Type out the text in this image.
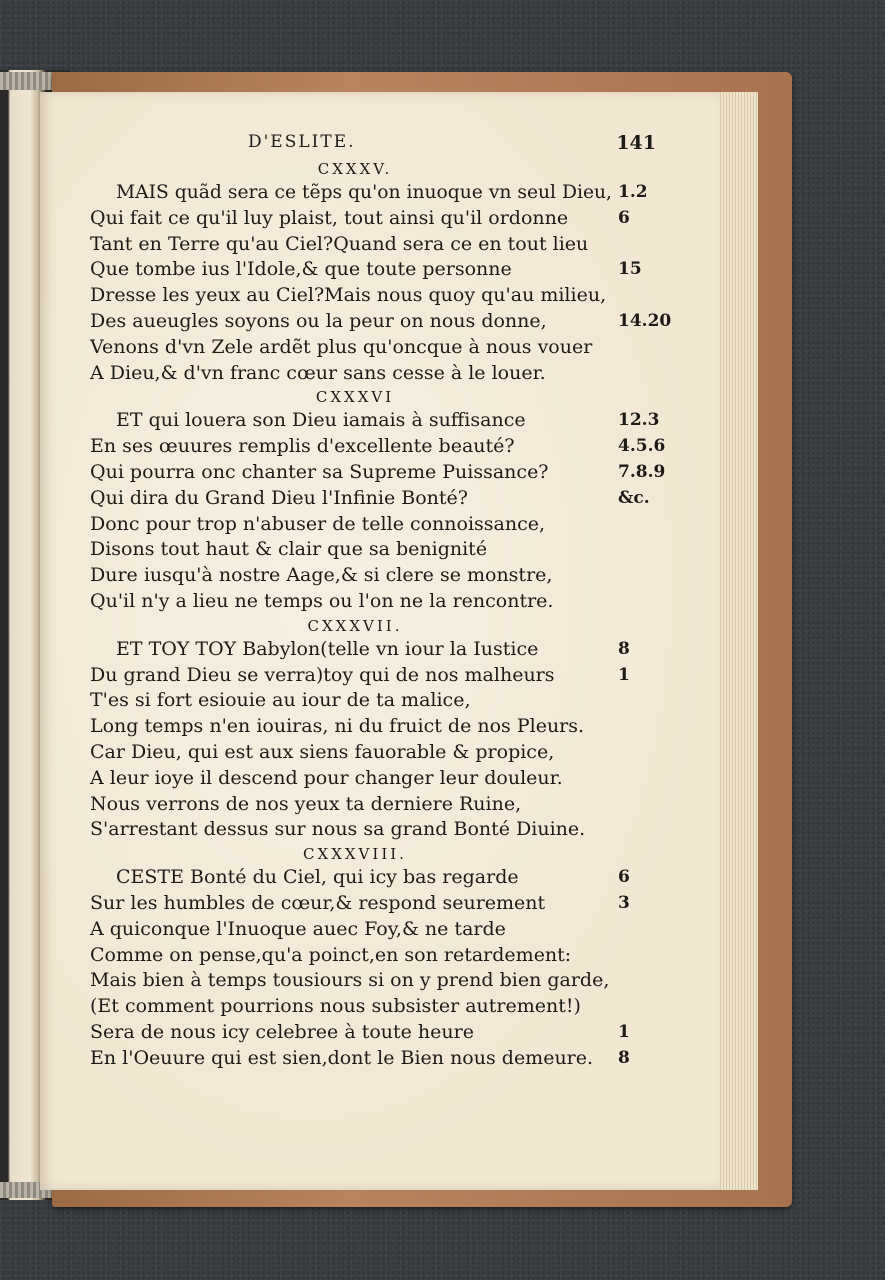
D'ESLITE.	141
CXXXV.
MAIS quãd sera ce tẽps qu'on inuoque vn seul Dieu, 1.2
Qui fait ce qu'il luy plaist, tout ainsi qu'il ordonne	6
Tant en Terre qu'au Ciel?Quand sera ce en tout lieu
Que tombe ius l'Idole,& que toute personne	15
Dresse les yeux au Ciel?Mais nous quoy qu'au milieu,
Des aueugles soyons ou la peur on nous donne,	14.20
Venons d'vn Zele ardẽt plus qu'oncque à nous vouer
A Dieu,& d'vn franc cœur sans cesse à le louer.
CXXXVI
ET qui louera son Dieu iamais à suffisance	12.3
En ses œuures remplis d'excellente beauté?	4.5.6
Qui pourra onc chanter sa Supreme Puissance?	7.8.9
Qui dira du Grand Dieu l'Infinie Bonté?	&c.
Donc pour trop n'abuser de telle connoissance,
Disons tout haut & clair que sa benignité
Dure iusqu'à nostre Aage,& si clere se monstre,
Qu'il n'y a lieu ne temps ou l'on ne la rencontre.
CXXXVII.
ET TOY TOY Babylon(telle vn iour la Iustice	8
Du grand Dieu se verra)toy qui de nos malheurs	1
T'es si fort esiouie au iour de ta malice,
Long temps n'en iouiras, ni du fruict de nos Pleurs.
Car Dieu, qui est aux siens fauorable & propice,
A leur ioye il descend pour changer leur douleur.
Nous verrons de nos yeux ta derniere Ruine,
S'arrestant dessus sur nous sa grand Bonté Diuine.
CXXXVIII.
CESTE Bonté du Ciel, qui icy bas regarde	6
Sur les humbles de cœur,& respond seurement	3
A quiconque l'Inuoque auec Foy,& ne tarde
Comme on pense,qu'a poinct,en son retardement:
Mais bien à temps tousiours si on y prend bien garde,
(Et comment pourrions nous subsister autrement!)
Sera de nous icy celebree à toute heure	1
En l'Oeuure qui est sien,dont le Bien nous demeure. 8
